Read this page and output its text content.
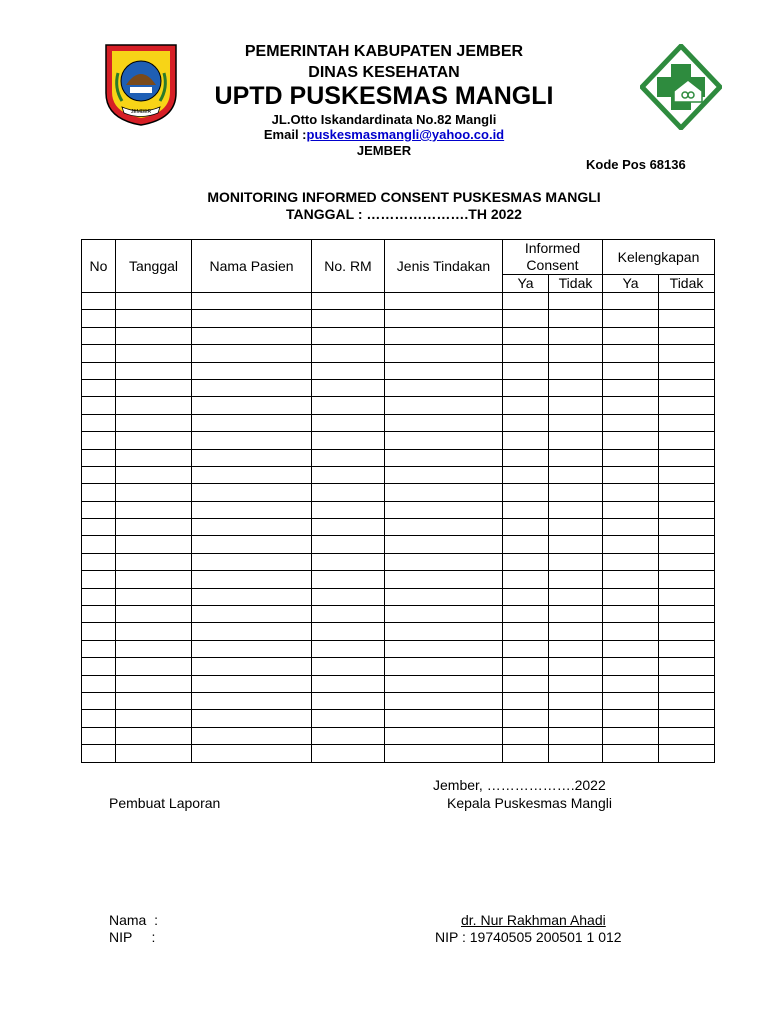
JEMBER
PEMERINTAH KABUPATEN JEMBER
DINAS KESEHATAN
UPTD PUSKESMAS MANGLI
JL.Otto Iskandardinata No.82 Mangli
Email :puskesmasmangli@yahoo.co.id
JEMBER
Kode Pos 68136
MONITORING INFORMED CONSENT PUSKESMAS MANGLI
TANGGAL : ………………….TH 2022
No	Tanggal	Nama Pasien	No. RM	Jenis Tindakan	Informed Consent		Kelengkapan	
					Ya	Tidak	Ya	Tidak

Jember, ……………….2022
Pembuat Laporan	Kepala Puskesmas Mangli
Nama  :
NIP     :
dr. Nur Rakhman Ahadi
NIP : 19740505 200501 1 012
